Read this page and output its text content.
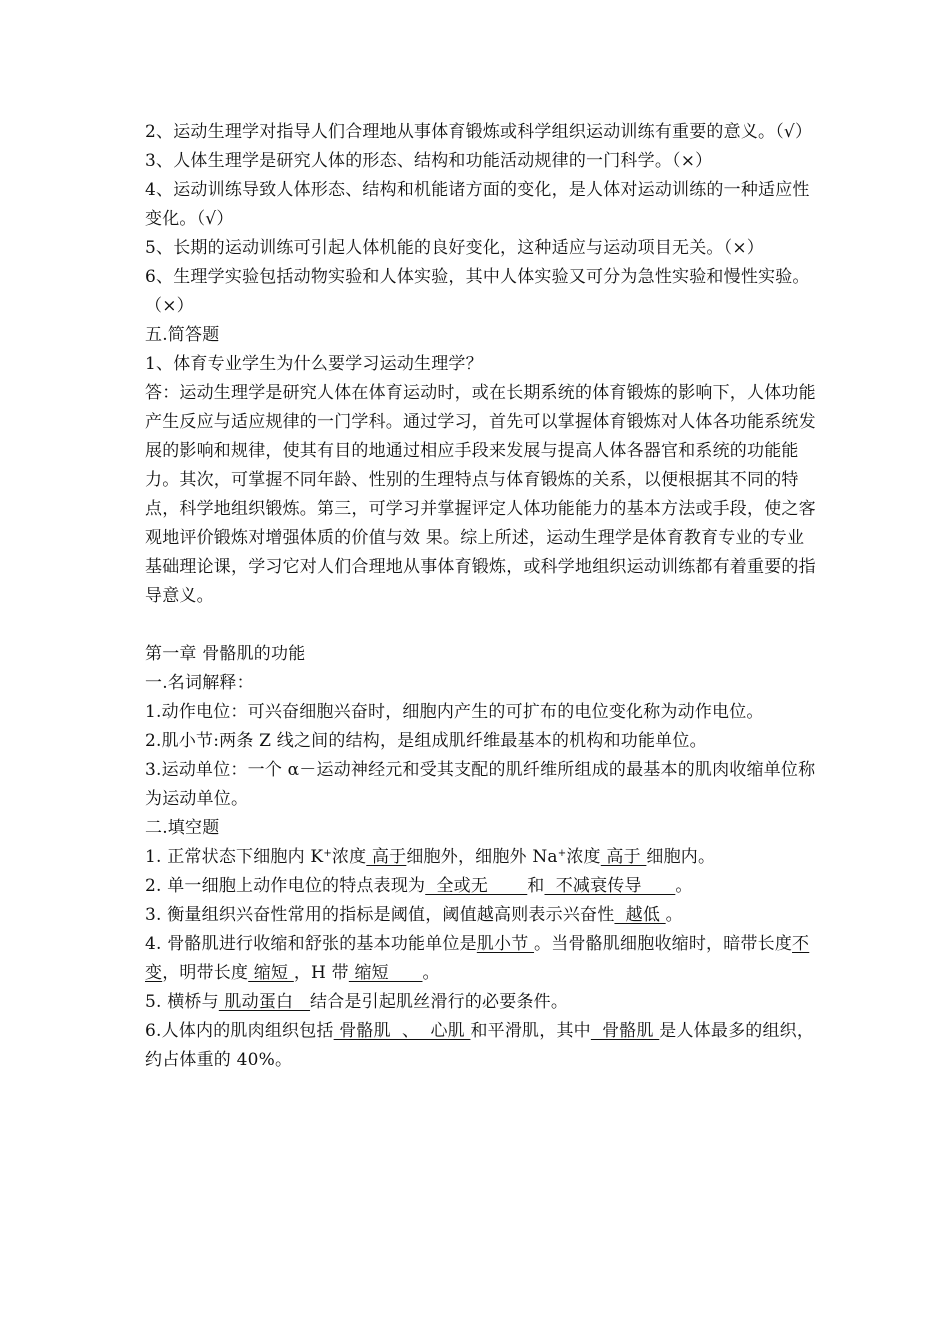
2、运动生理学对指导人们合理地从事体育锻炼或科学组织运动训练有重要的意义。（√）

3、人体生理学是研究人体的形态、结构和功能活动规律的一门科学。（×）

4、运动训练导致人体形态、结构和机能诸方面的变化，是人体对运动训练的一种适应性变化。（√）

5、长期的运动训练可引起人体机能的良好变化，这种适应与运动项目无关。（×）

6、生理学实验包括动物实验和人体实验，其中人体实验又可分为急性实验和慢性实验。（×）

五.简答题

1、体育专业学生为什么要学习运动生理学？

答：运动生理学是研究人体在体育运动时，或在长期系统的体育锻炼的影响下，人体功能产生反应与适应规律的一门学科。通过学习，首先可以掌握体育锻炼对人体各功能系统发展的影响和规律，使其有目的地通过相应手段来发展与提高人体各器官和系统的功能能力。其次，可掌握不同年龄、性别的生理特点与体育锻炼的关系，以便根据其不同的特点，科学地组织锻炼。第三，可学习并掌握评定人体功能能力的基本方法或手段，使之客观地评价锻炼对增强体质的价值与效 果。综上所述，运动生理学是体育教育专业的专业基础理论课，学习它对人们合理地从事体育锻炼，或科学地组织运动训练都有着重要的指导意义。

第一章 骨骼肌的功能

一.名词解释：

1.动作电位：可兴奋细胞兴奋时，细胞内产生的可扩布的电位变化称为动作电位。

2.肌小节:两条 Z 线之间的结构，是组成肌纤维最基本的机构和功能单位。

3.运动单位：一个 α－运动神经元和受其支配的肌纤维所组成的最基本的肌肉收缩单位称为运动单位。

二.填空题

1. 正常状态下细胞内 K+浓度 高于细胞外，细胞外 Na+浓度 高于 细胞内。

2. 单一细胞上动作电位的特点表现为  全或无       和  不减衰传导      。

3. 衡量组织兴奋性常用的指标是阈值，阈值越高则表示兴奋性  越低 。

4. 骨骼肌进行收缩和舒张的基本功能单位是肌小节 。当骨骼肌细胞收缩时，暗带长度不变，明带长度 缩短 ，H 带 缩短      。

5. 横桥与 肌动蛋白   结合是引起肌丝滑行的必要条件。

6.人体内的肌肉组织包括 骨骼肌  、  心肌 和平滑肌，其中  骨骼肌 是人体最多的组织，约占体重的 40%。
